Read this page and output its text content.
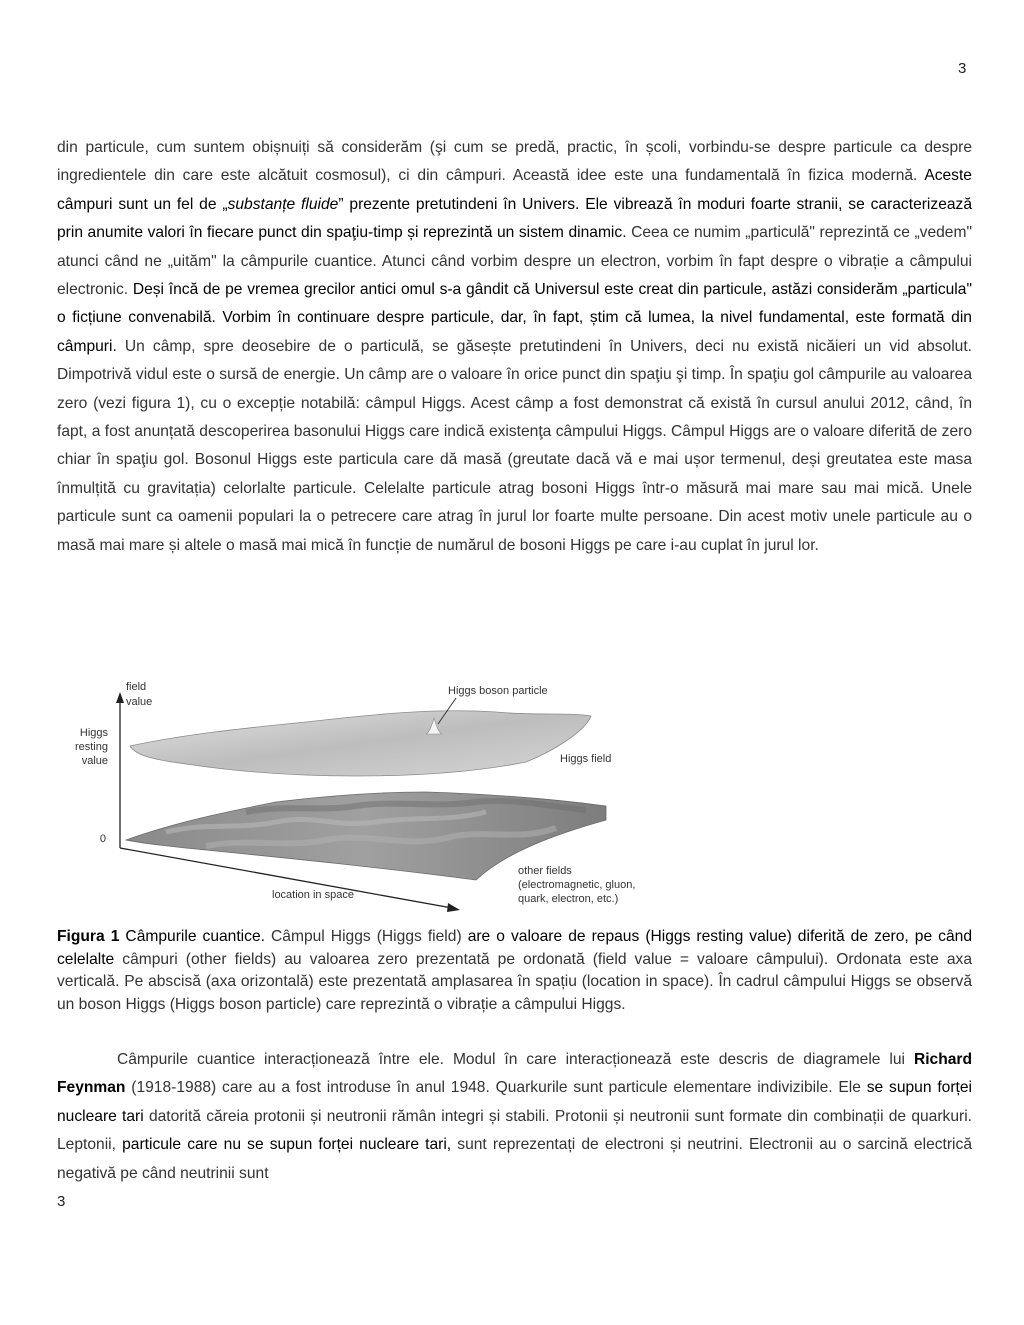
3
din particule, cum suntem obișnuiți să considerăm (şi cum se predă, practic, în școli, vorbindu-se despre particule ca despre ingredientele din care este alcătuit cosmosul), ci din câmpuri. Această idee este una fundamentală în fizica modernă. Aceste câmpuri sunt un fel de „substanțe fluide” prezente pretutindeni în Univers. Ele vibrează în moduri foarte stranii, se caracterizează prin anumite valori în fiecare punct din spaţiu-timp și reprezintă un sistem dinamic. Ceea ce numim „particulă" reprezintă ce „vedem" atunci când ne „uităm" la câmpurile cuantice. Atunci când vorbim despre un electron, vorbim în fapt despre o vibrație a câmpului electronic. Deși încă de pe vremea grecilor antici omul s-a gândit că Universul este creat din particule, astăzi considerăm „particula" o ficțiune convenabilă. Vorbim în continuare despre particule, dar, în fapt, știm că lumea, la nivel fundamental, este formată din câmpuri. Un câmp, spre deosebire de o particulă, se găsește pretutindeni în Univers, deci nu există nicăieri un vid absolut. Dimpotrivă vidul este o sursă de energie. Un câmp are o valoare în orice punct din spaţiu şi timp. În spaţiu gol câmpurile au valoarea zero (vezi figura 1), cu o excepție notabilă: câmpul Higgs. Acest câmp a fost demonstrat că există în cursul anului 2012, când, în fapt, a fost anunțată descoperirea basonului Higgs care indică existenţa câmpului Higgs. Câmpul Higgs are o valoare diferită de zero chiar în spaţiu gol. Bosonul Higgs este particula care dă masă (greutate dacă vă e mai ușor termenul, deși greutatea este masa înmulțită cu gravitația) celorlalte particule. Celelalte particule atrag bosoni Higgs într-o măsură mai mare sau mai mică. Unele particule sunt ca oamenii populari la o petrecere care atrag în jurul lor foarte multe persoane. Din acest motiv unele particule au o masă mai mare și altele o masă mai mică în funcție de numărul de bosoni Higgs pe care i-au cuplat în jurul lor.
field
value
Higgs
resting
value
0
Higgs boson particle
Higgs field
location in space
other fields
(electromagnetic, gluon,
quark, electron, etc.)
Figura 1 Câmpurile cuantice. Câmpul Higgs (Higgs field) are o valoare de repaus (Higgs resting value) diferită de zero, pe când celelalte câmpuri (other fields) au valoarea zero prezentată pe ordonată (field value = valoare câmpului). Ordonata este axa verticală. Pe abscisă (axa orizontală) este prezentată amplasarea în spațiu (location in space). În cadrul câmpului Higgs se observă un boson Higgs (Higgs boson particle) care reprezintă o vibrație a câmpului Higgs.
Câmpurile cuantice interacționează între ele. Modul în care interacționează este descris de diagramele lui Richard Feynman (1918-1988) care au a fost introduse în anul 1948. Quarkurile sunt particule elementare indivizibile. Ele se supun forței nucleare tari datorită căreia protonii și neutronii rămân integri și stabili. Protonii și neutronii sunt formate din combinații de quarkuri. Leptonii, particule care nu se supun forței nucleare tari, sunt reprezentați de electroni și neutrini. Electronii au o sarcină electrică negativă pe când neutrinii sunt
3
